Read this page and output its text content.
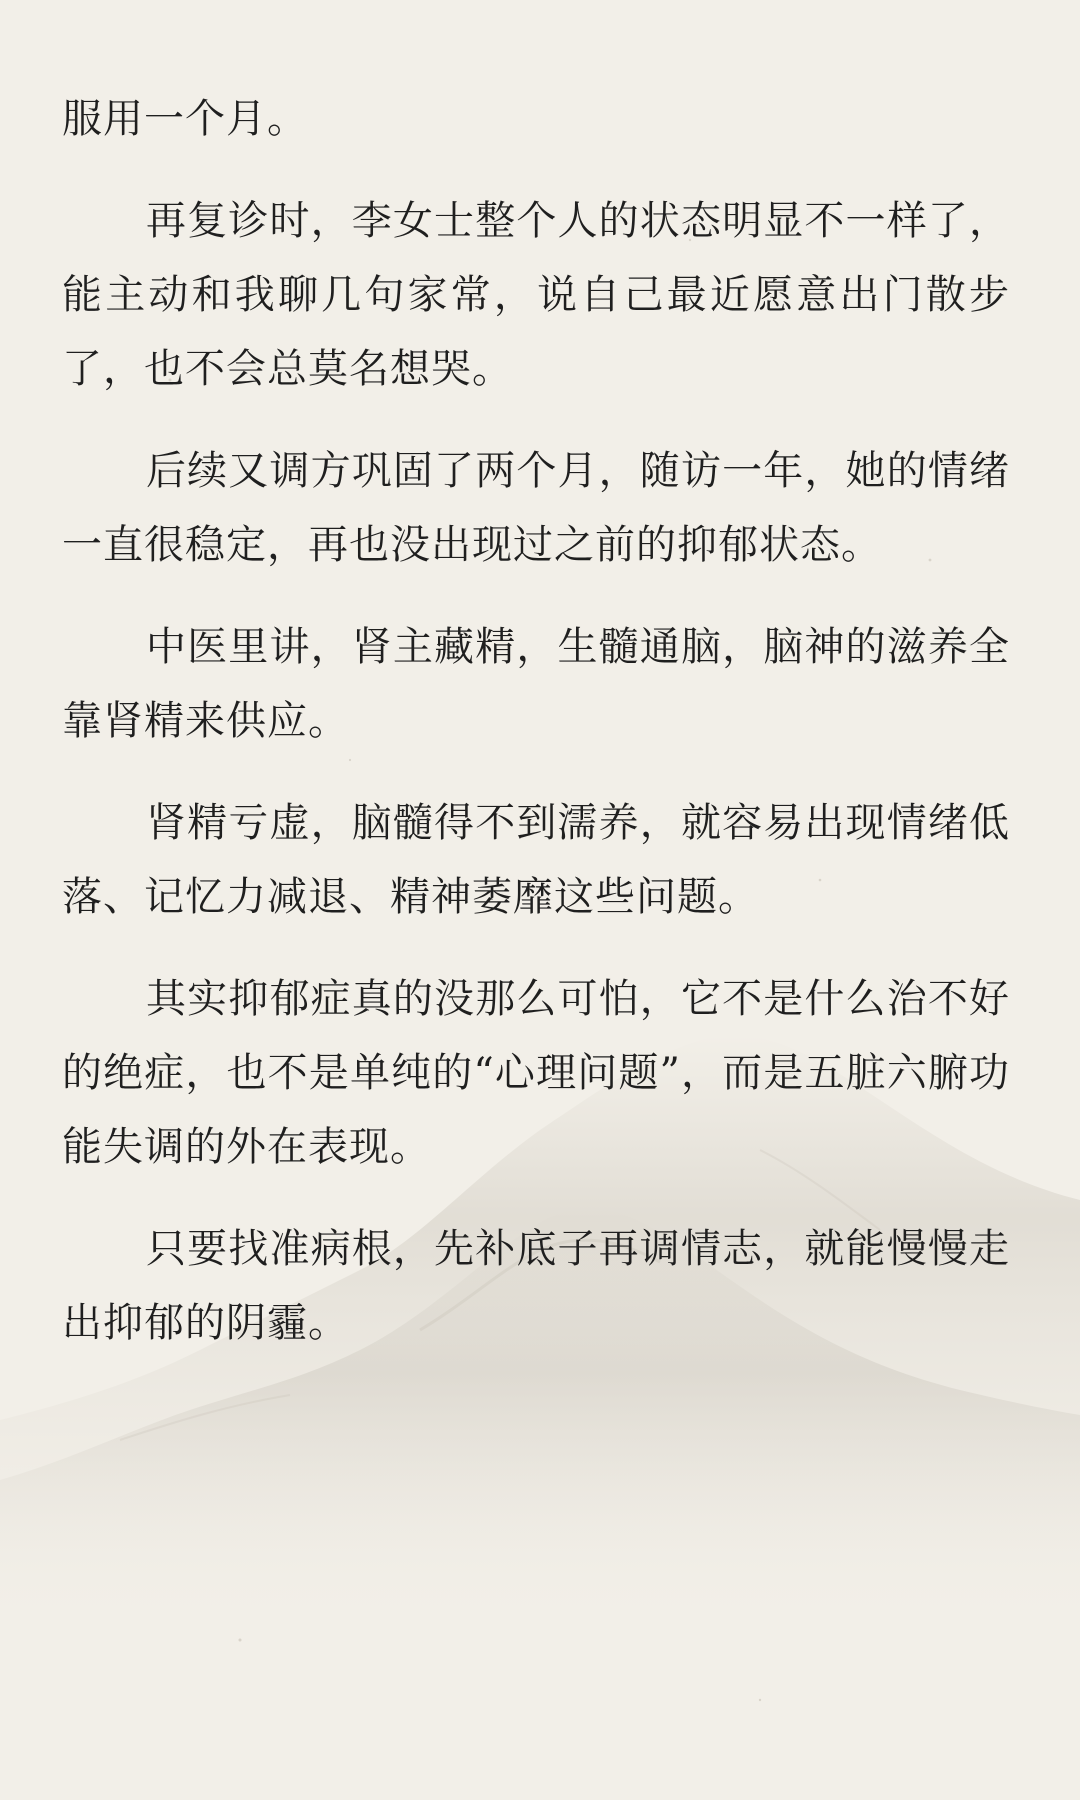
服用一个月。

再复诊时，李女士整个人的状态明显不一样了，能主动和我聊几句家常，说自己最近愿意出门散步了，也不会总莫名想哭。

后续又调方巩固了两个月，随访一年，她的情绪一直很稳定，再也没出现过之前的抑郁状态。

中医里讲，肾主藏精，生髓通脑，脑神的滋养全靠肾精来供应。

肾精亏虚，脑髓得不到濡养，就容易出现情绪低落、记忆力减退、精神萎靡这些问题。

其实抑郁症真的没那么可怕，它不是什么治不好的绝症，也不是单纯的“心理问题”，而是五脏六腑功能失调的外在表现。

只要找准病根，先补底子再调情志，就能慢慢走出抑郁的阴霾。
